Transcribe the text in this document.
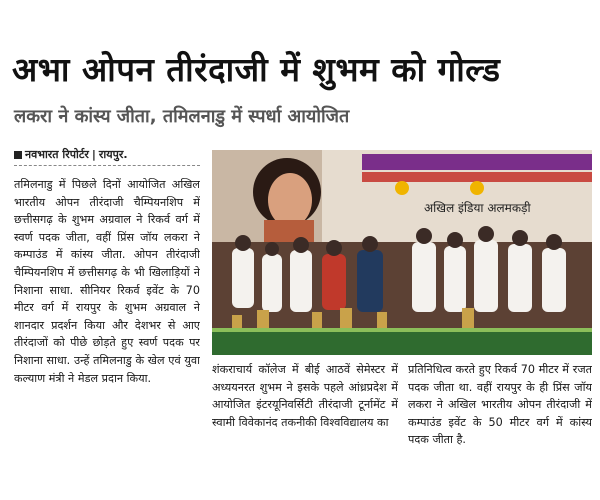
अभा ओपन तीरंदाजी में शुभम को गोल्ड
लकरा ने कांस्य जीता, तमिलनाडु में स्पर्धा आयोजित
नवभारत रिपोर्टर | रायपुर.

तमिलनाडु में पिछले दिनों आयोजित अखिल भारतीय ओपन तीरंदाजी चैम्पियनशिप में छत्तीसगढ़ के शुभम अग्रवाल ने रिकर्व वर्ग में स्वर्ण पदक जीता, वहीं प्रिंस जॉय लकरा ने कम्पाउंड में कांस्य जीता. ओपन तीरंदाजी चैम्पियनशिप में छत्तीसगढ़ के भी खिलाड़ियों ने निशाना साधा. सीनियर रिकर्व इवेंट के 70 मीटर वर्ग में रायपुर के शुभम अग्रवाल ने शानदार प्रदर्शन किया और देशभर से आए तीरंदाजों को पीछे छोड़ते हुए स्वर्ण पदक पर निशाना साधा. उन्हें तमिलनाडु के खेल एवं युवा कल्याण मंत्री ने मेडल प्रदान किया.

अखिल इंडिया अलमकड़ी

शंकराचार्य कॉलेज में बीई आठवें सेमेस्टर में अध्ययनरत शुभम ने इसके पहले आंध्रप्रदेश में आयोजित इंटरयूनिवर्सिटी तीरंदाजी टूर्नामेंट में स्वामी विवेकानंद तकनीकी विश्वविद्यालय का

प्रतिनिधित्व करते हुए रिकर्व 70 मीटर में रजत पदक जीता था. वहीं रायपुर के ही प्रिंस जॉय लकरा ने अखिल भारतीय ओपन तीरंदाजी में कम्पाउंड इवेंट के 50 मीटर वर्ग में कांस्य पदक जीता है.
